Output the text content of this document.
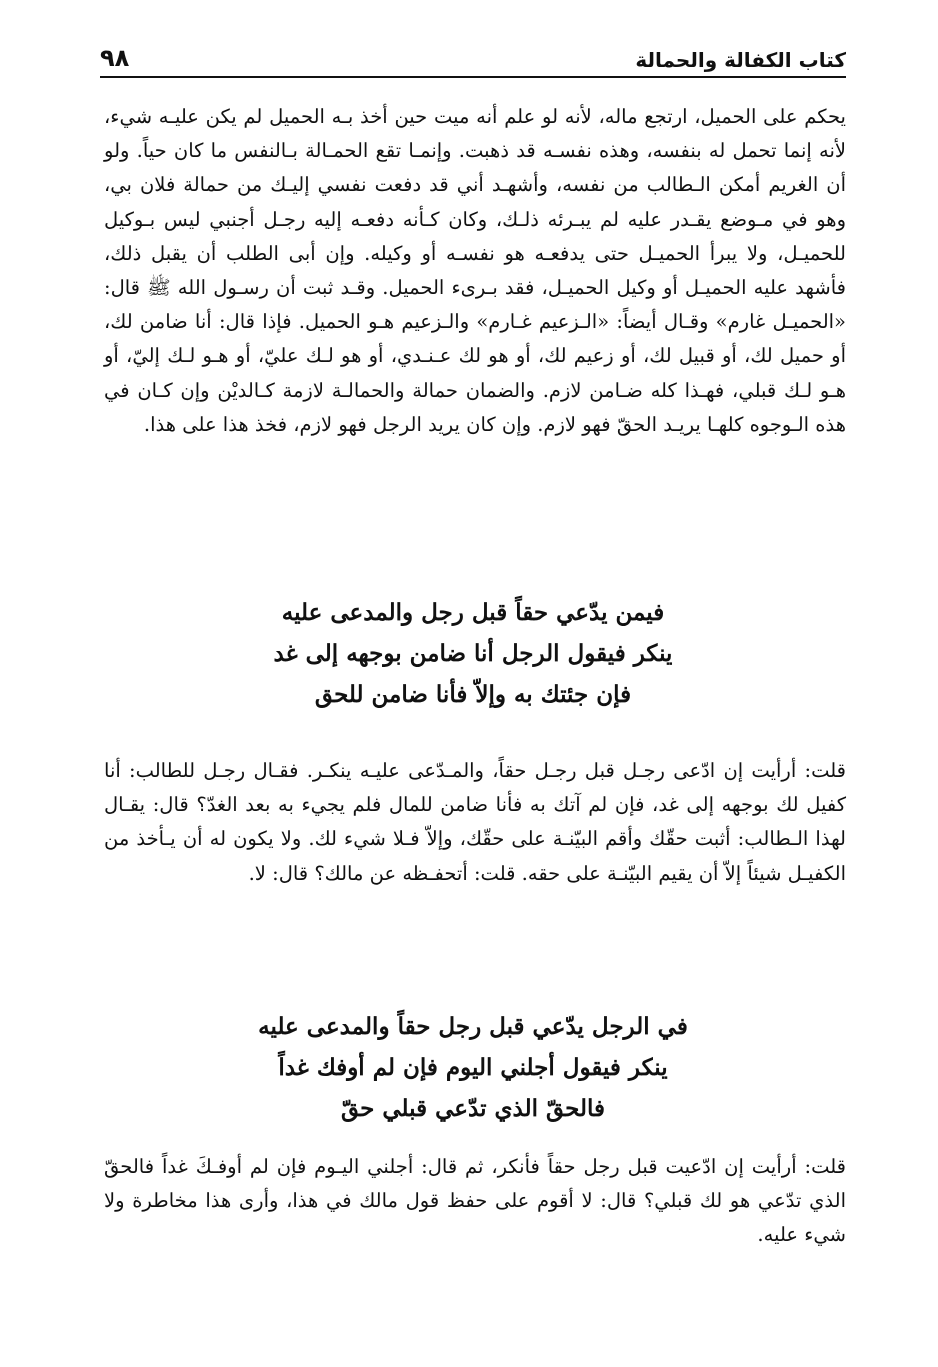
كتاب الكفالة والحمالة
٩٨

يحكم على الحميل، ارتجع ماله، لأنه لو علم أنه ميت حين أخذ بـه الحميل لم يكن عليـه شيء، لأنه إنما تحمل له بنفسه، وهذه نفسـه قد ذهبت. وإنمـا تقع الحمـالة بـالنفس ما كان حياً. ولو أن الغريم أمكن الـطالب من نفسه، وأشهـد أني قد دفعت نفسي إليـك من حمالة فلان بي، وهو في مـوضع يقـدر عليه لم يبـرئه ذلـك، وكان كـأنه دفعـه إليه رجـل أجنبي ليس بـوكيل للحميـل، ولا يبرأ الحميـل حتى يدفعـه هو نفسـه أو وكيله. وإن أبى الطلب أن يقبل ذلك، فأشهد عليه الحميـل أو وكيل الحميـل، فقد بـرىء الحميل. وقـد ثبت أن رسـول الله ﷺ قال: «الحميـل غارم» وقـال أيضاً: «الـزعيم غـارم» والـزعيم هـو الحميل. فإذا قال: أنا ضامن لك، أو حميل لك، أو قبيل لك، أو زعيم لك، أو هو لك عـنـدي، أو هو لـك عليّ، أو هـو لـك إليّ، أو هـو لـك قبلي، فهـذا كله ضـامن لازم. والضمان حمالة والحمالـة لازمة كـالديْن وإن كـان في هذه الـوجوه كلهـا يريـد الحقّ فهو لازم. وإن كان يريد الرجل فهو لازم، فخذ هذا على هذا.

فيمن يدّعي حقاً قبل رجل والمدعى عليه
ينكر فيقول الرجل أنا ضامن بوجهه إلى غد
فإن جئتك به وإلاّ فأنا ضامن للحق

قلت: أرأيت إن ادّعى رجـل قبل رجـل حقاً، والمـدّعى عليـه ينكـر. فقـال رجـل للطالب: أنا كفيل لك بوجهه إلى غد، فإن لم آتك به فأنا ضامن للمال فلم يجيء به بعد الغدّ؟ قال: يقـال لهذا الـطالب: أثبت حقّك وأقم البيّنـة على حقّك، وإلاّ فـلا شيء لك. ولا يكون له أن يـأخذ من الكفيـل شيئاً إلاّ أن يقيم البيّنـة على حقه. قلت: أتحفـظه عن مالك؟ قال: لا.

في الرجل يدّعي قبل رجل حقاً والمدعى عليه
ينكر فيقول أجلني اليوم فإن لم أوفك غداً
فالحقّ الذي تدّعي قبلي حقّ

قلت: أرأيت إن ادّعيت قبل رجل حقاً فأنكر، ثم قال: أجلني اليـوم فإن لم أوفـكَ غداً فالحقّ الذي تدّعي هو لك قبلي؟ قال: لا أقوم على حفظ قول مالك في هذا، وأرى هذا مخاطرة ولا شيء عليه.
